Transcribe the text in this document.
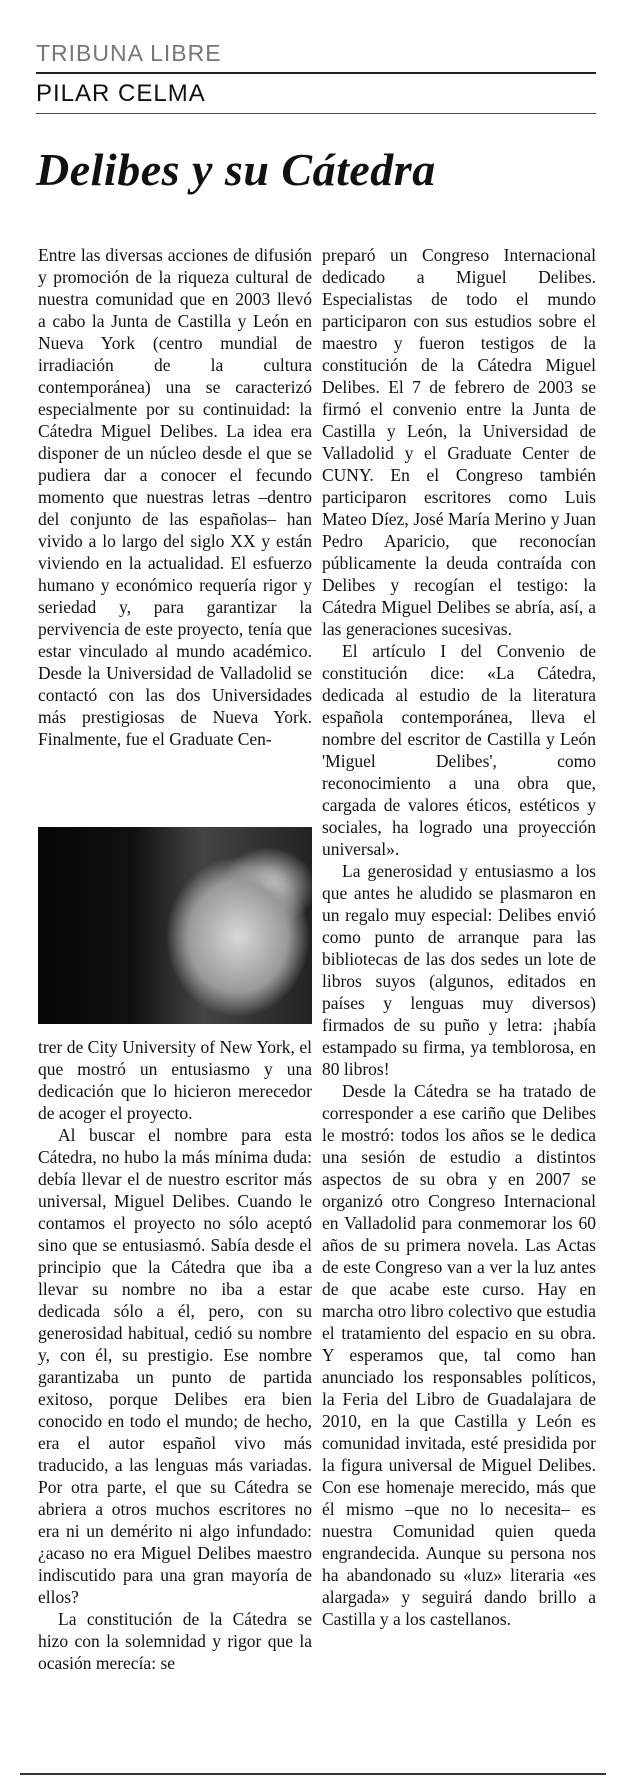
TRIBUNA LIBRE
PILAR CELMA
Delibes y su Cátedra

Entre las diversas acciones de difusión y promoción de la riqueza cultural de nuestra comunidad que en 2003 llevó a cabo la Junta de Castilla y León en Nueva York (centro mundial de irradiación de la cultura contemporánea) una se caracterizó especialmente por su continuidad: la Cátedra Miguel Delibes. La idea era disponer de un núcleo desde el que se pudiera dar a conocer el fecundo momento que nuestras letras –dentro del conjunto de las españolas– han vivido a lo largo del siglo XX y están viviendo en la actualidad. El esfuerzo humano y económico requería rigor y seriedad y, para garantizar la pervivencia de este proyecto, tenía que estar vinculado al mundo académico. Desde la Universidad de Valladolid se contactó con las dos Universidades más prestigiosas de Nueva York. Finalmente, fue el Graduate Cen-

trer de City University of New York, el que mostró un entusiasmo y una dedicación que lo hicieron merecedor de acoger el proyecto.

Al buscar el nombre para esta Cátedra, no hubo la más mínima duda: debía llevar el de nuestro escritor más universal, Miguel Delibes. Cuando le contamos el proyecto no sólo aceptó sino que se entusiasmó. Sabía desde el principio que la Cátedra que iba a llevar su nombre no iba a estar dedicada sólo a él, pero, con su generosidad habitual, cedió su nombre y, con él, su prestigio. Ese nombre garantizaba un punto de partida exitoso, porque Delibes era bien conocido en todo el mundo; de hecho, era el autor español vivo más traducido, a las lenguas más variadas. Por otra parte, el que su Cátedra se abriera a otros muchos escritores no era ni un demérito ni algo infundado: ¿acaso no era Miguel Delibes maestro indiscutido para una gran mayoría de ellos?

La constitución de la Cátedra se hizo con la solemnidad y rigor que la ocasión merecía: se

preparó un Congreso Internacional dedicado a Miguel Delibes. Especialistas de todo el mundo participaron con sus estudios sobre el maestro y fueron testigos de la constitución de la Cátedra Miguel Delibes. El 7 de febrero de 2003 se firmó el convenio entre la Junta de Castilla y León, la Universidad de Valladolid y el Graduate Center de CUNY. En el Congreso también participaron escritores como Luis Mateo Díez, José María Merino y Juan Pedro Aparicio, que reconocían públicamente la deuda contraída con Delibes y recogían el testigo: la Cátedra Miguel Delibes se abría, así, a las generaciones sucesivas.

El artículo I del Convenio de constitución dice: «La Cátedra, dedicada al estudio de la literatura española contemporánea, lleva el nombre del escritor de Castilla y León 'Miguel Delibes', como reconocimiento a una obra que, cargada de valores éticos, estéticos y sociales, ha logrado una proyección universal».

La generosidad y entusiasmo a los que antes he aludido se plasmaron en un regalo muy especial: Delibes envió como punto de arranque para las bibliotecas de las dos sedes un lote de libros suyos (algunos, editados en países y lenguas muy diversos) firmados de su puño y letra: ¡había estampado su firma, ya temblorosa, en 80 libros!

Desde la Cátedra se ha tratado de corresponder a ese cariño que Delibes le mostró: todos los años se le dedica una sesión de estudio a distintos aspectos de su obra y en 2007 se organizó otro Congreso Internacional en Valladolid para conmemorar los 60 años de su primera novela. Las Actas de este Congreso van a ver la luz antes de que acabe este curso. Hay en marcha otro libro colectivo que estudia el tratamiento del espacio en su obra. Y esperamos que, tal como han anunciado los responsables políticos, la Feria del Libro de Guadalajara de 2010, en la que Castilla y León es comunidad invitada, esté presidida por la figura universal de Miguel Delibes. Con ese homenaje merecido, más que él mismo –que no lo necesita– es nuestra Comunidad quien queda engrandecida. Aunque su persona nos ha abandonado su «luz» literaria «es alargada» y seguirá dando brillo a Castilla y a los castellanos.
